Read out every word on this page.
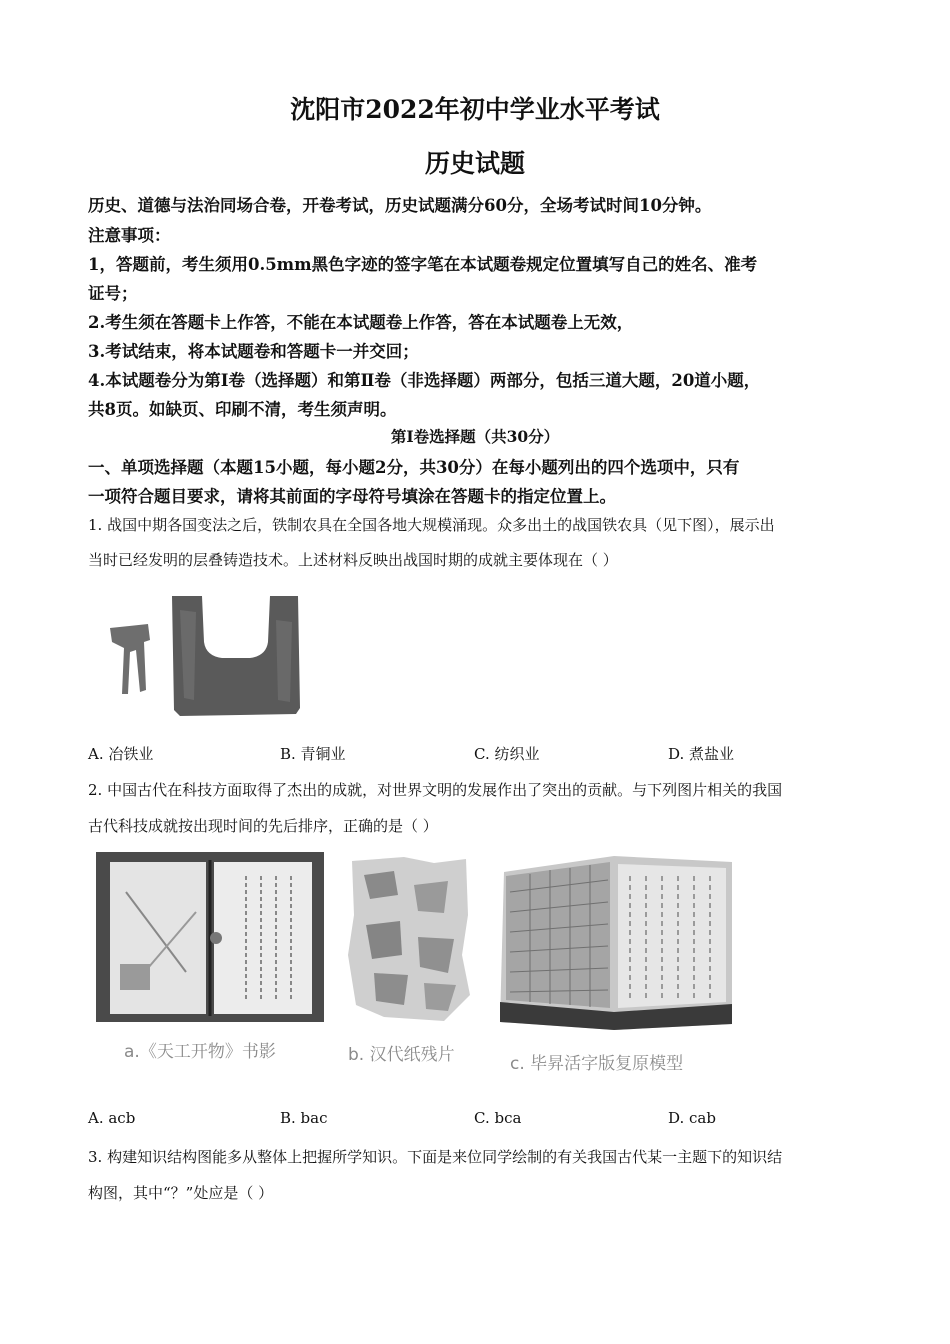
沈阳市2022年初中学业水平考试
历史试题
历史、道德与法治同场合卷，开卷考试，历史试题满分60分，全场考试时间10分钟。
注意事项：
1，答题前，考生须用0.5mm黑色字迹的签字笔在本试题卷规定位置填写自己的姓名、准考
证号；
2.考生须在答题卡上作答，不能在本试题卷上作答，答在本试题卷上无效，
3.考试结束，将本试题卷和答题卡一并交回；
4.本试题卷分为第Ⅰ卷（选择题）和第Ⅱ卷（非选择题）两部分，包括三道大题，20道小题，
共8页。如缺页、印刷不清，考生须声明。
第Ⅰ卷选择题（共30分）
一、单项选择题（本题15小题，每小题2分，共30分）在每小题列出的四个选项中，只有
一项符合题目要求，请将其前面的字母符号填涂在答题卡的指定位置上。
1. 战国中期各国变法之后，铁制农具在全国各地大规模涌现。众多出土的战国铁农具（见下图），展示出
当时已经发明的层叠铸造技术。上述材料反映出战国时期的成就主要体现在（ ）
A. 冶铁业	B. 青铜业	C. 纺织业	D. 煮盐业
2. 中国古代在科技方面取得了杰出的成就，对世界文明的发展作出了突出的贡献。与下列图片相关的我国
古代科技成就按出现时间的先后排序，正确的是（ ）
a.《天工开物》书影	b. 汉代纸残片	c. 毕昇活字版复原模型
A. acb	B. bac	C. bca	D. cab
3. 构建知识结构图能多从整体上把握所学知识。下面是来位同学绘制的有关我国古代某一主题下的知识结
构图，其中“？”处应是（ ）
